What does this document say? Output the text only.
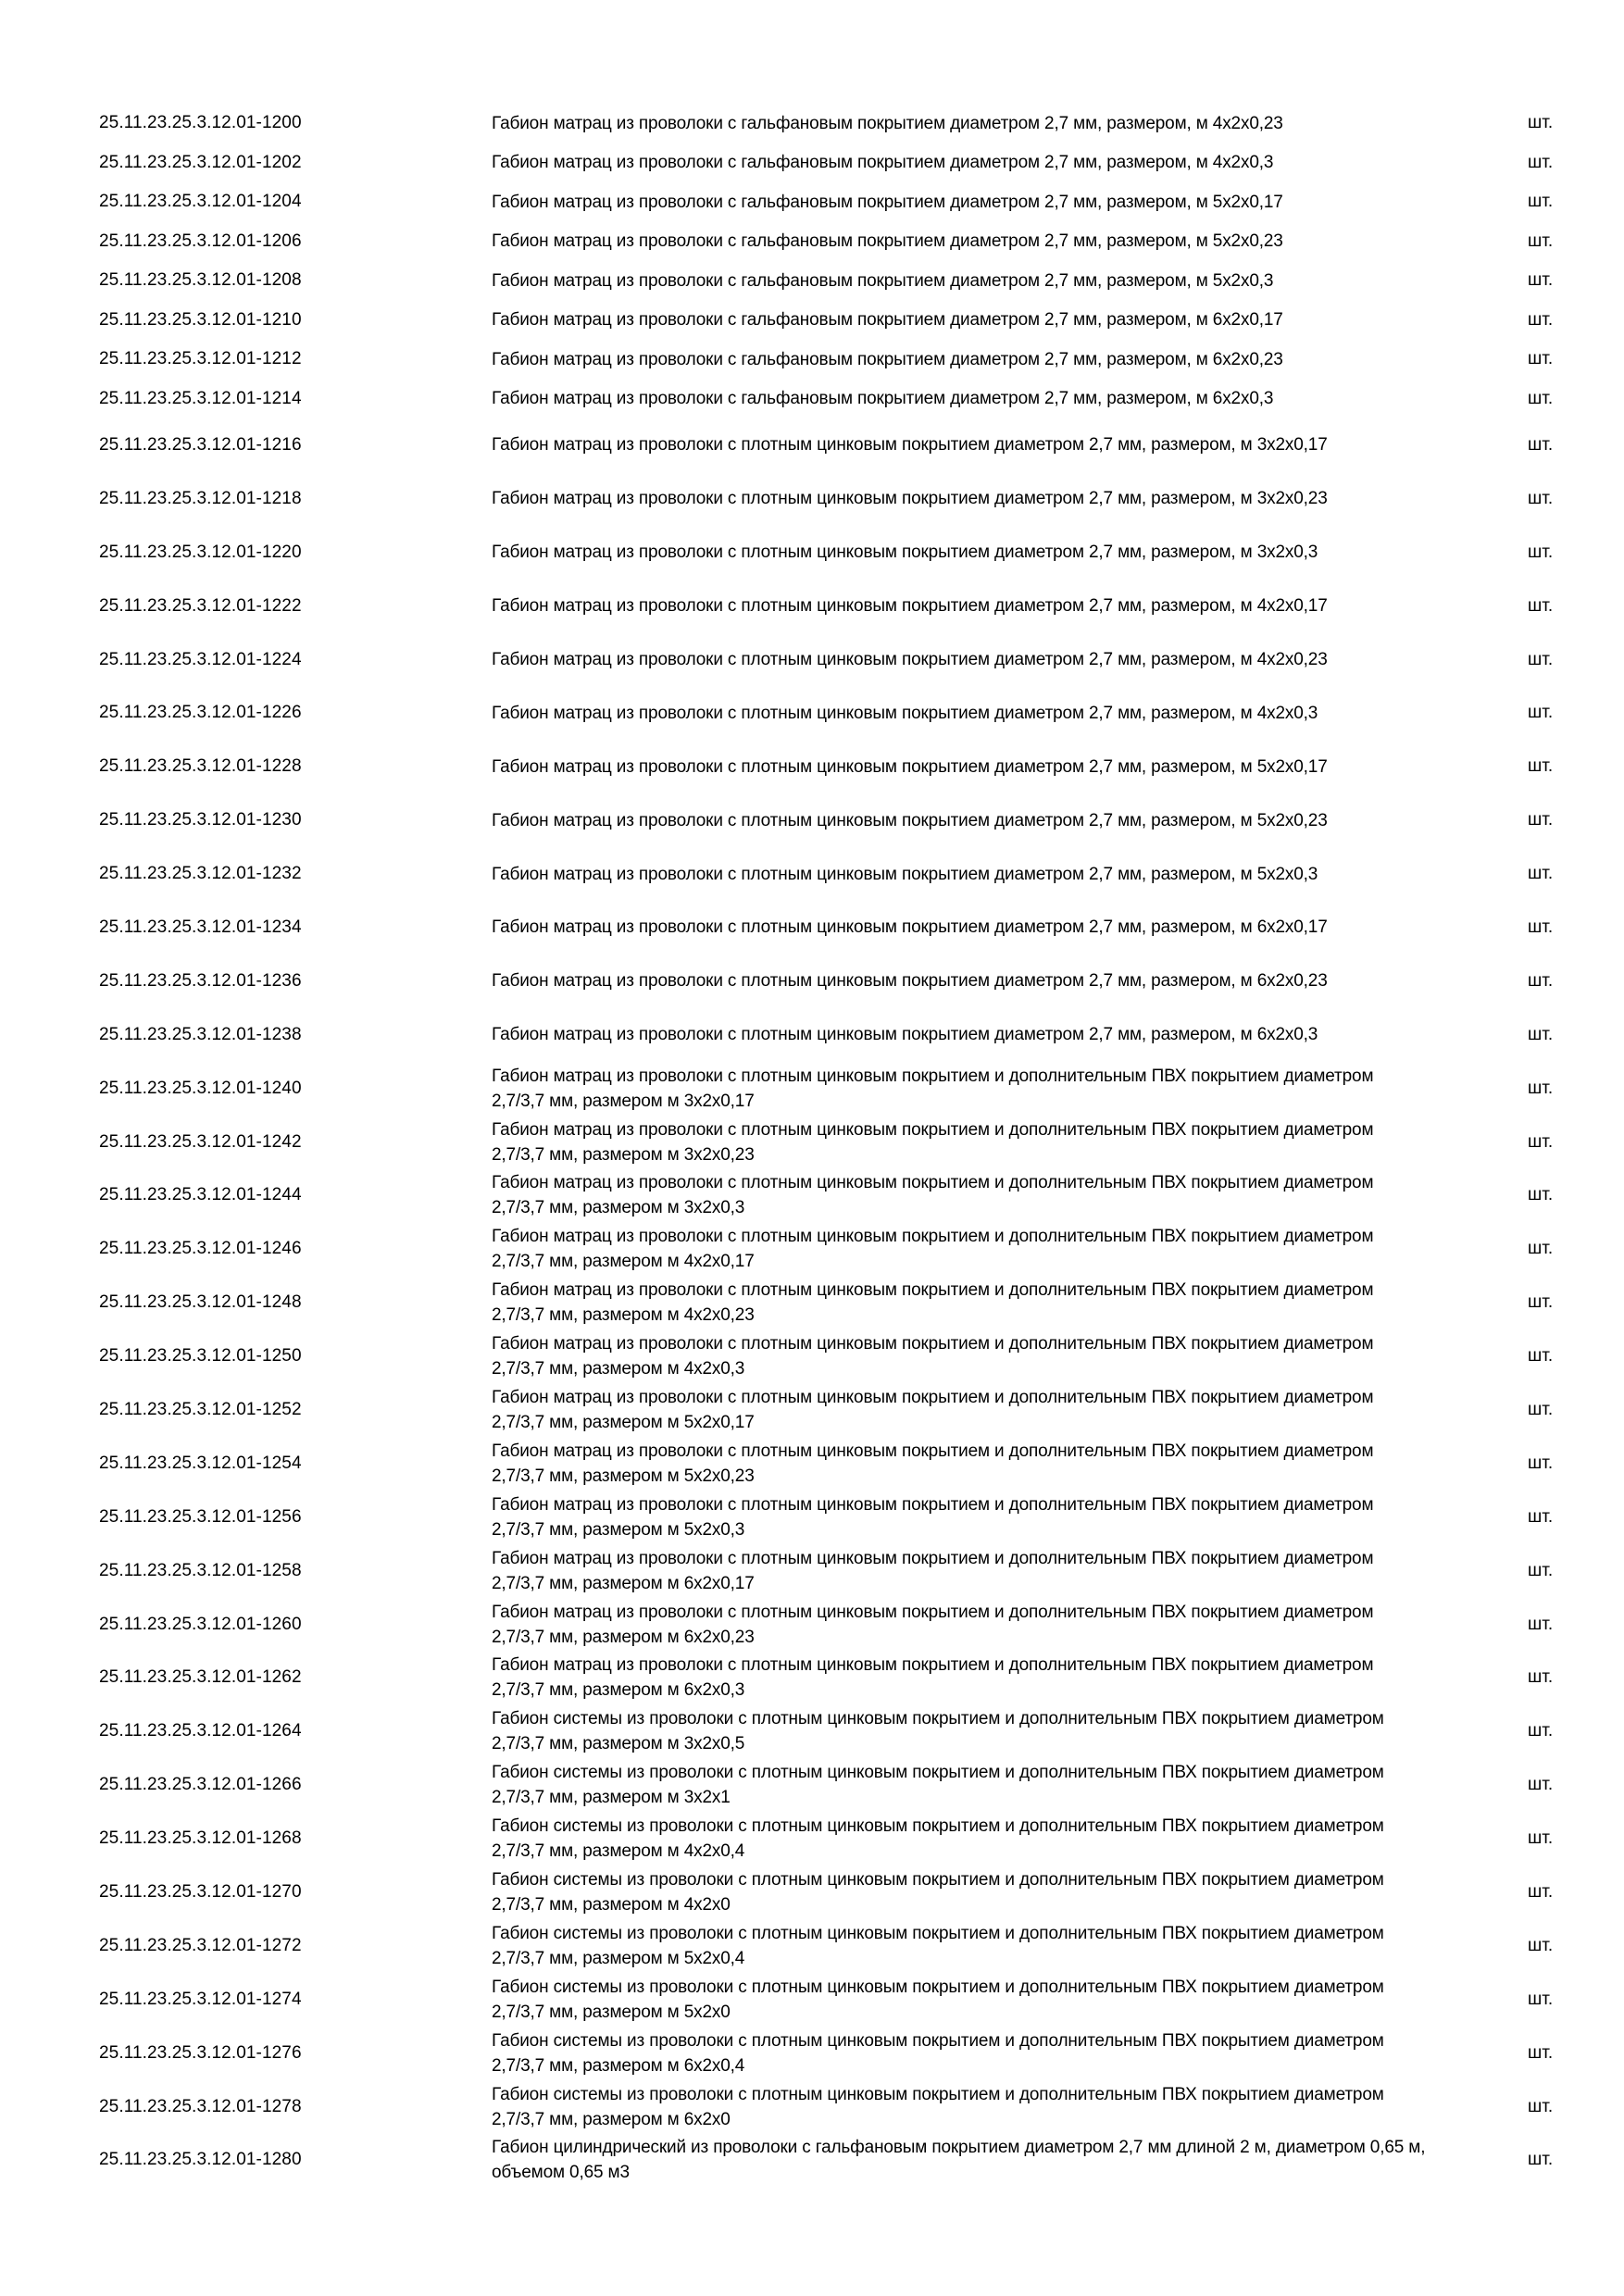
25.11.23.25.3.12.01-1200	Габион матрац из проволоки с гальфановым покрытием диаметром 2,7 мм, размером, м 4х2х0,23	шт.
25.11.23.25.3.12.01-1202	Габион матрац из проволоки с гальфановым покрытием диаметром 2,7 мм, размером, м 4х2х0,3	шт.
25.11.23.25.3.12.01-1204	Габион матрац из проволоки с гальфановым покрытием диаметром 2,7 мм, размером, м 5х2х0,17	шт.
25.11.23.25.3.12.01-1206	Габион матрац из проволоки с гальфановым покрытием диаметром 2,7 мм, размером, м 5х2х0,23	шт.
25.11.23.25.3.12.01-1208	Габион матрац из проволоки с гальфановым покрытием диаметром 2,7 мм, размером, м 5х2х0,3	шт.
25.11.23.25.3.12.01-1210	Габион матрац из проволоки с гальфановым покрытием диаметром 2,7 мм, размером, м 6х2х0,17	шт.
25.11.23.25.3.12.01-1212	Габион матрац из проволоки с гальфановым покрытием диаметром 2,7 мм, размером, м 6х2х0,23	шт.
25.11.23.25.3.12.01-1214	Габион матрац из проволоки с гальфановым покрытием диаметром 2,7 мм, размером, м 6х2х0,3	шт.
25.11.23.25.3.12.01-1216	Габион матрац из проволоки с плотным цинковым покрытием диаметром 2,7 мм, размером, м 3х2х0,17	шт.
25.11.23.25.3.12.01-1218	Габион матрац из проволоки с плотным цинковым покрытием диаметром 2,7 мм, размером, м 3х2х0,23	шт.
25.11.23.25.3.12.01-1220	Габион матрац из проволоки с плотным цинковым покрытием диаметром 2,7 мм, размером, м 3х2х0,3	шт.
25.11.23.25.3.12.01-1222	Габион матрац из проволоки с плотным цинковым покрытием диаметром 2,7 мм, размером, м 4х2х0,17	шт.
25.11.23.25.3.12.01-1224	Габион матрац из проволоки с плотным цинковым покрытием диаметром 2,7 мм, размером, м 4х2х0,23	шт.
25.11.23.25.3.12.01-1226	Габион матрац из проволоки с плотным цинковым покрытием диаметром 2,7 мм, размером, м 4х2х0,3	шт.
25.11.23.25.3.12.01-1228	Габион матрац из проволоки с плотным цинковым покрытием диаметром 2,7 мм, размером, м 5х2х0,17	шт.
25.11.23.25.3.12.01-1230	Габион матрац из проволоки с плотным цинковым покрытием диаметром 2,7 мм, размером, м 5х2х0,23	шт.
25.11.23.25.3.12.01-1232	Габион матрац из проволоки с плотным цинковым покрытием диаметром 2,7 мм, размером, м 5х2х0,3	шт.
25.11.23.25.3.12.01-1234	Габион матрац из проволоки с плотным цинковым покрытием диаметром 2,7 мм, размером, м 6х2х0,17	шт.
25.11.23.25.3.12.01-1236	Габион матрац из проволоки с плотным цинковым покрытием диаметром 2,7 мм, размером, м 6х2х0,23	шт.
25.11.23.25.3.12.01-1238	Габион матрац из проволоки с плотным цинковым покрытием диаметром 2,7 мм, размером, м 6х2х0,3	шт.
25.11.23.25.3.12.01-1240
Габион матрац из проволоки с плотным цинковым покрытием и дополнительным ПВХ покрытием диаметром 2,7/3,7 мм, размером м 3х2х0,17
шт.
25.11.23.25.3.12.01-1242
Габион матрац из проволоки с плотным цинковым покрытием и дополнительным ПВХ покрытием диаметром 2,7/3,7 мм, размером м 3х2х0,23
шт.
25.11.23.25.3.12.01-1244
Габион матрац из проволоки с плотным цинковым покрытием и дополнительным ПВХ покрытием диаметром 2,7/3,7 мм, размером м 3х2х0,3
шт.
25.11.23.25.3.12.01-1246
Габион матрац из проволоки с плотным цинковым покрытием и дополнительным ПВХ покрытием диаметром 2,7/3,7 мм, размером м 4х2х0,17
шт.
25.11.23.25.3.12.01-1248
Габион матрац из проволоки с плотным цинковым покрытием и дополнительным ПВХ покрытием диаметром 2,7/3,7 мм, размером м 4х2х0,23
шт.
25.11.23.25.3.12.01-1250
Габион матрац из проволоки с плотным цинковым покрытием и дополнительным ПВХ покрытием диаметром 2,7/3,7 мм, размером м 4х2х0,3
шт.
25.11.23.25.3.12.01-1252
Габион матрац из проволоки с плотным цинковым покрытием и дополнительным ПВХ покрытием диаметром 2,7/3,7 мм, размером м 5х2х0,17
шт.
25.11.23.25.3.12.01-1254
Габион матрац из проволоки с плотным цинковым покрытием и дополнительным ПВХ покрытием диаметром 2,7/3,7 мм, размером м 5х2х0,23
шт.
25.11.23.25.3.12.01-1256
Габион матрац из проволоки с плотным цинковым покрытием и дополнительным ПВХ покрытием диаметром 2,7/3,7 мм, размером м 5х2х0,3
шт.
25.11.23.25.3.12.01-1258
Габион матрац из проволоки с плотным цинковым покрытием и дополнительным ПВХ покрытием диаметром 2,7/3,7 мм, размером м 6х2х0,17
шт.
25.11.23.25.3.12.01-1260
Габион матрац из проволоки с плотным цинковым покрытием и дополнительным ПВХ покрытием диаметром 2,7/3,7 мм, размером м 6х2х0,23
шт.
25.11.23.25.3.12.01-1262
Габион матрац из проволоки с плотным цинковым покрытием и дополнительным ПВХ покрытием диаметром 2,7/3,7 мм, размером м 6х2х0,3
шт.
25.11.23.25.3.12.01-1264
Габион системы из проволоки с плотным цинковым покрытием и дополнительным ПВХ покрытием диаметром 2,7/3,7 мм, размером м 3х2х0,5
шт.
25.11.23.25.3.12.01-1266
Габион системы из проволоки с плотным цинковым покрытием и дополнительным ПВХ покрытием диаметром 2,7/3,7 мм, размером м 3х2х1
шт.
25.11.23.25.3.12.01-1268
Габион системы из проволоки с плотным цинковым покрытием и дополнительным ПВХ покрытием диаметром 2,7/3,7 мм, размером м 4х2х0,4
шт.
25.11.23.25.3.12.01-1270
Габион системы из проволоки с плотным цинковым покрытием и дополнительным ПВХ покрытием диаметром 2,7/3,7 мм, размером м 4х2х0
шт.
25.11.23.25.3.12.01-1272
Габион системы из проволоки с плотным цинковым покрытием и дополнительным ПВХ покрытием диаметром 2,7/3,7 мм, размером м 5х2х0,4
шт.
25.11.23.25.3.12.01-1274
Габион системы из проволоки с плотным цинковым покрытием и дополнительным ПВХ покрытием диаметром 2,7/3,7 мм, размером м 5х2х0
шт.
25.11.23.25.3.12.01-1276
Габион системы из проволоки с плотным цинковым покрытием и дополнительным ПВХ покрытием диаметром 2,7/3,7 мм, размером м 6х2х0,4
шт.
25.11.23.25.3.12.01-1278
Габион системы из проволоки с плотным цинковым покрытием и дополнительным ПВХ покрытием диаметром 2,7/3,7 мм, размером м 6х2х0
шт.
25.11.23.25.3.12.01-1280
Габион цилиндрический из проволоки с гальфановым покрытием диаметром 2,7 мм длиной 2 м, диаметром 0,65 м, объемом 0,65 м3
шт.
